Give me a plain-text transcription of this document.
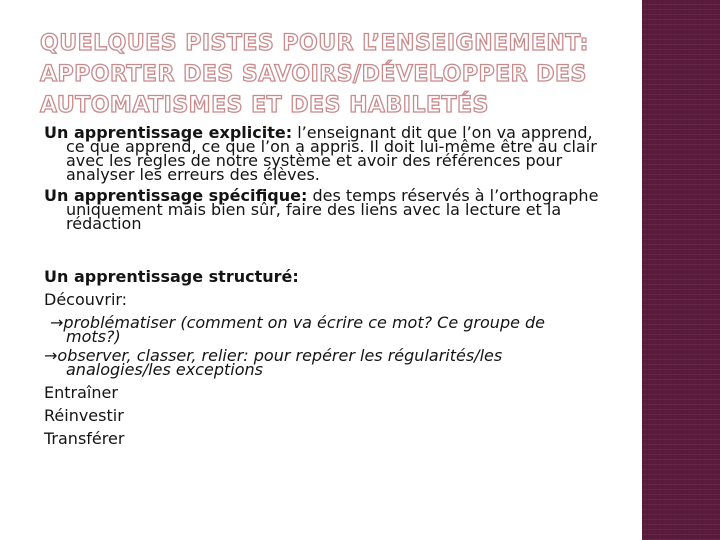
QUELQUES PISTES POUR L’ENSEIGNEMENT: APPORTER DES SAVOIRS/DÉVELOPPER DES AUTOMATISMES ET DES HABILETÉS

Un apprentissage explicite: l’enseignant dit que l’on va apprend, ce que apprend, ce que l’on a appris. Il doit lui-même être au clair avec les règles de notre système et avoir des références pour analyser les erreurs des élèves.

Un apprentissage spécifique: des temps réservés à l’orthographe uniquement mais bien sûr, faire des liens avec la lecture et la rédaction

Un apprentissage structuré:

Découvrir:

→problématiser (comment on va écrire ce mot? Ce groupe de mots?)

→observer, classer, relier: pour repérer les régularités/les analogies/les exceptions

Entraîner

Réinvestir

Transférer
